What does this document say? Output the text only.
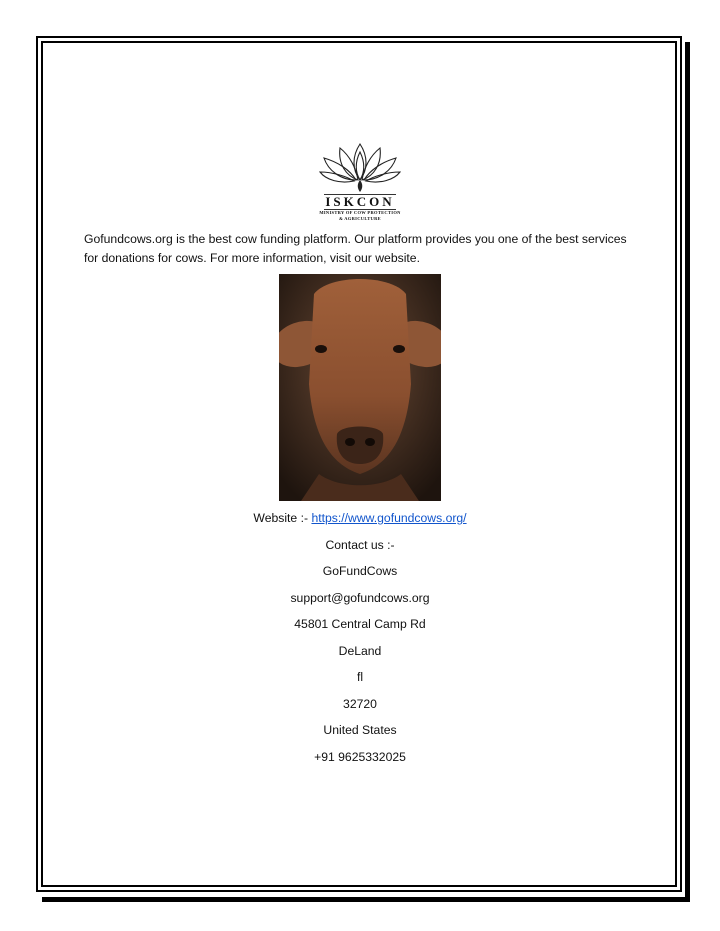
ISKCON
MINISTRY OF COW PROTECTION
& AGRICULTURE

Gofundcows.org is the best cow funding platform. Our platform provides you one of the best services for donations for cows. For more information, visit our website.

Website :- https://www.gofundcows.org/
Contact us :-
GoFundCows
support@gofundcows.org
45801 Central Camp Rd
DeLand
fl
32720
United States
+91 9625332025
